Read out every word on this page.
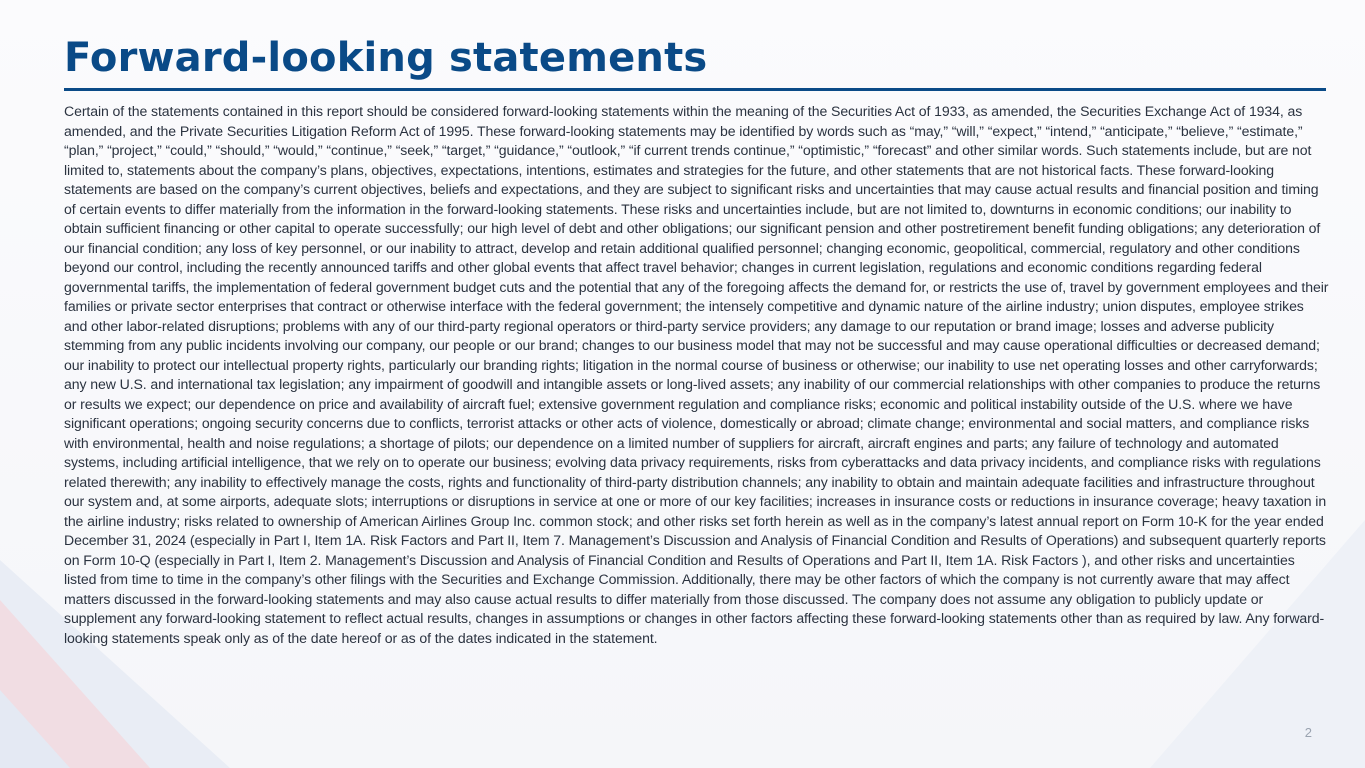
Forward-looking statements

Certain of the statements contained in this report should be considered forward-looking statements within the meaning of the Securities Act of 1933, as amended, the Securities Exchange Act of 1934, as amended, and the Private Securities Litigation Reform Act of 1995. These forward-looking statements may be identified by words such as “may,” “will,” “expect,” “intend,” “anticipate,” “believe,” “estimate,” “plan,” “project,” “could,” “should,” “would,” “continue,” “seek,” “target,” “guidance,” “outlook,” “if current trends continue,” “optimistic,” “forecast” and other similar words. Such statements include, but are not limited to, statements about the company’s plans, objectives, expectations, intentions, estimates and strategies for the future, and other statements that are not historical facts. These forward-looking statements are based on the company’s current objectives, beliefs and expectations, and they are subject to significant risks and uncertainties that may cause actual results and financial position and timing of certain events to differ materially from the information in the forward-looking statements. These risks and uncertainties include, but are not limited to, downturns in economic conditions; our inability to obtain sufficient financing or other capital to operate successfully; our high level of debt and other obligations; our significant pension and other postretirement benefit funding obligations; any deterioration of our financial condition; any loss of key personnel, or our inability to attract, develop and retain additional qualified personnel; changing economic, geopolitical, commercial, regulatory and other conditions beyond our control, including the recently announced tariffs and other global events that affect travel behavior; changes in current legislation, regulations and economic conditions regarding federal governmental tariffs, the implementation of federal government budget cuts and the potential that any of the foregoing affects the demand for, or restricts the use of, travel by government employees and their families or private sector enterprises that contract or otherwise interface with the federal government; the intensely competitive and dynamic nature of the airline industry; union disputes, employee strikes and other labor-related disruptions; problems with any of our third-party regional operators or third-party service providers; any damage to our reputation or brand image; losses and adverse publicity stemming from any public incidents involving our company, our people or our brand; changes to our business model that may not be successful and may cause operational difficulties or decreased demand; our inability to protect our intellectual property rights, particularly our branding rights; litigation in the normal course of business or otherwise; our inability to use net operating losses and other carryforwards; any new U.S. and international tax legislation; any impairment of goodwill and intangible assets or long-lived assets; any inability of our commercial relationships with other companies to produce the returns or results we expect; our dependence on price and availability of aircraft fuel; extensive government regulation and compliance risks; economic and political instability outside of the U.S. where we have significant operations; ongoing security concerns due to conflicts, terrorist attacks or other acts of violence, domestically or abroad; climate change; environmental and social matters, and compliance risks with environmental, health and noise regulations; a shortage of pilots; our dependence on a limited number of suppliers for aircraft, aircraft engines and parts; any failure of technology and automated systems, including artificial intelligence, that we rely on to operate our business; evolving data privacy requirements, risks from cyberattacks and data privacy incidents, and compliance risks with regulations related therewith; any inability to effectively manage the costs, rights and functionality of third-party distribution channels; any inability to obtain and maintain adequate facilities and infrastructure throughout our system and, at some airports, adequate slots; interruptions or disruptions in service at one or more of our key facilities; increases in insurance costs or reductions in insurance coverage; heavy taxation in the airline industry; risks related to ownership of American Airlines Group Inc. common stock; and other risks set forth herein as well as in the company’s latest annual report on Form 10-K for the year ended December 31, 2024 (especially in Part I, Item 1A. Risk Factors and Part II, Item 7. Management’s Discussion and Analysis of Financial Condition and Results of Operations) and subsequent quarterly reports on Form 10-Q (especially in Part I, Item 2. Management’s Discussion and Analysis of Financial Condition and Results of Operations and Part II, Item 1A. Risk Factors ), and other risks and uncertainties listed from time to time in the company’s other filings with the Securities and Exchange Commission. Additionally, there may be other factors of which the company is not currently aware that may affect matters discussed in the forward-looking statements and may also cause actual results to differ materially from those discussed. The company does not assume any obligation to publicly update or supplement any forward-looking statement to reflect actual results, changes in assumptions or changes in other factors affecting these forward-looking statements other than as required by law. Any forward-looking statements speak only as of the date hereof or as of the dates indicated in the statement.

2
